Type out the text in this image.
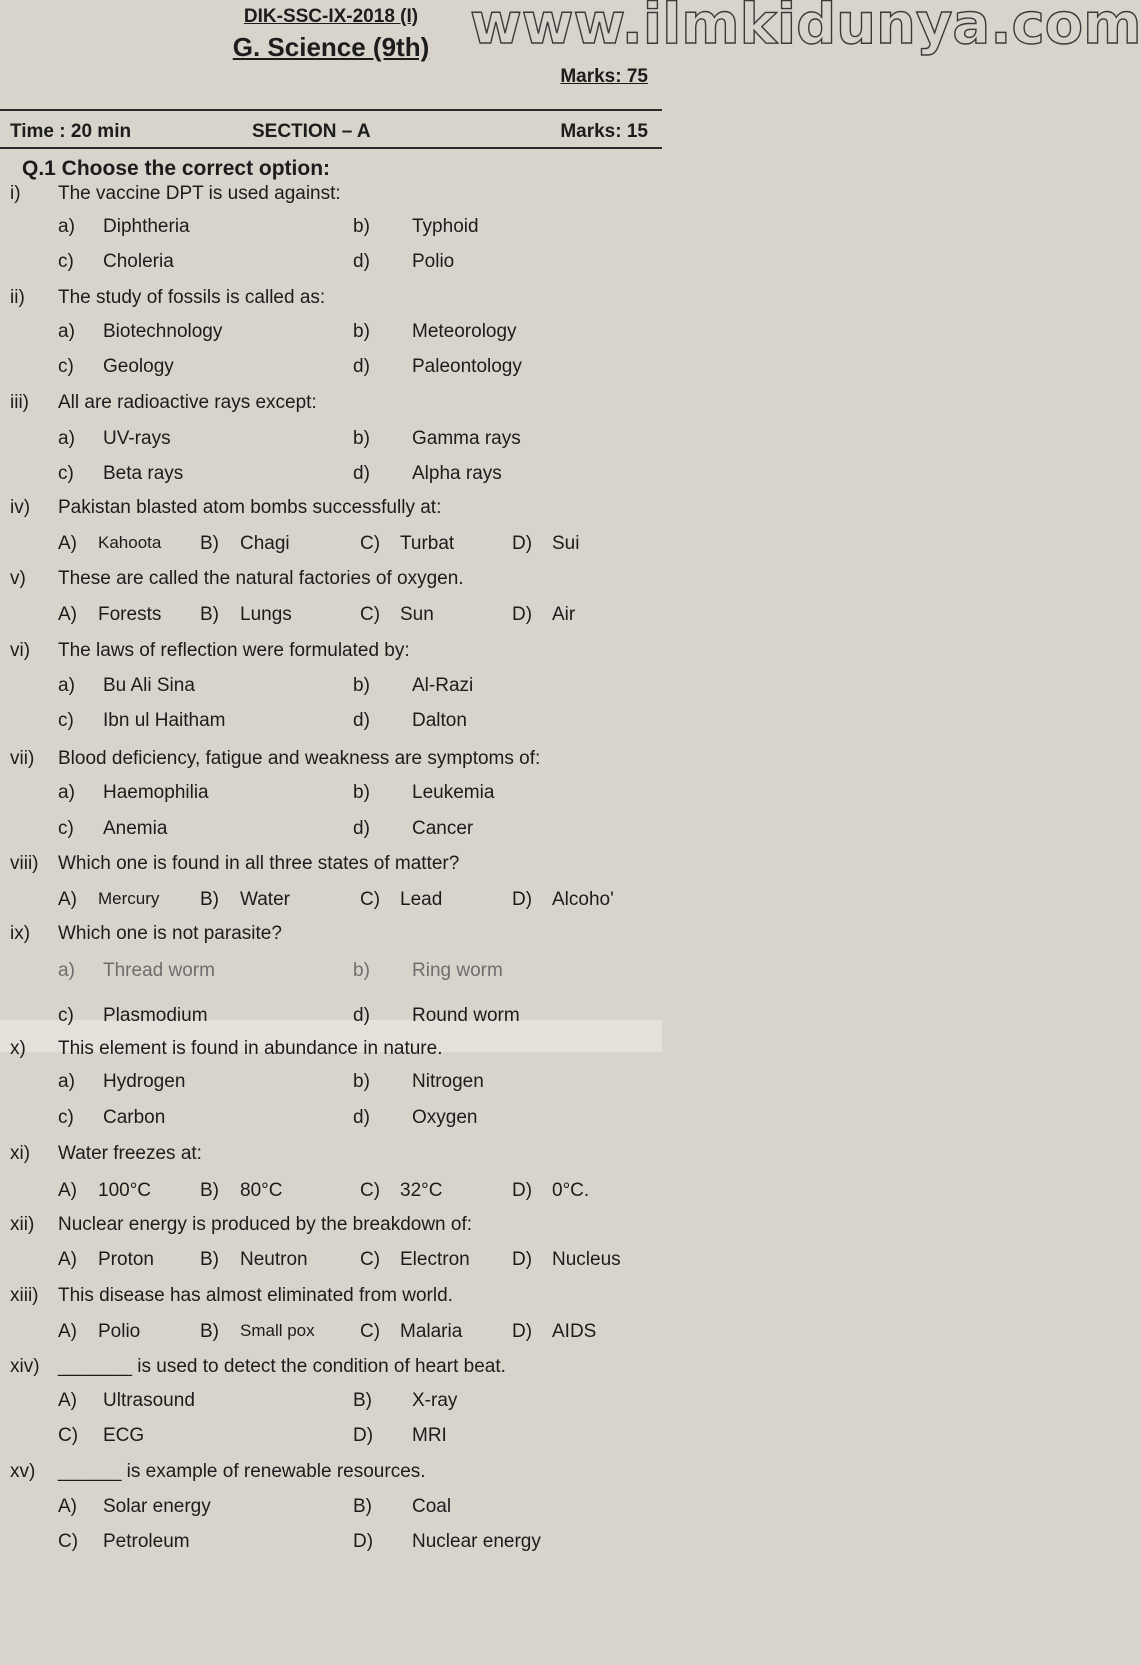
DIK-SSC-IX-2018 (I)
G. Science (9th)
Marks: 75
Time : 20 min	SECTION – A	Marks: 15
Q.1 Choose the correct option:
i) The vaccine DPT is used against:
a) Diphtheria	b) Typhoid
c) Choleria	d) Polio
ii) The study of fossils is called as:
a) Biotechnology	b) Meteorology
c) Geology	d) Paleontology
iii) All are radioactive rays except:
a) UV-rays	b) Gamma rays
c) Beta rays	d) Alpha rays
iv) Pakistan blasted atom bombs successfully at:
A) Kahoota B) Chagi	C) Turbat	D) Sui
v) These are called the natural factories of oxygen.
A) Forests B) Lungs	C) Sun	D) Air
vi) The laws of reflection were formulated by:
a) Bu Ali Sina	b) Al-Razi
c) Ibn ul Haitham	d) Dalton
vii) Blood deficiency, fatigue and weakness are symptoms of:
a) Haemophilia	b) Leukemia
c) Anemia	d) Cancer
viii) Which one is found in all three states of matter?
A) Mercury B) Water	C) Lead	D) Alcoho'
ix) Which one is not parasite?
a) Thread worm	b) Ring worm
c) Plasmodium	d) Round worm
x) This element is found in abundance in nature.
a) Hydrogen	b) Nitrogen
c) Carbon	d) Oxygen
xi) Water freezes at:
A) 100°C	B) 80°C	C) 32°C	D) 0°C.
xii) Nuclear energy is produced by the breakdown of:
A) Proton B) Neutron	C) Electron D) Nucleus
xiii) This disease has almost eliminated from world.
A) Polio	B) Small pox C) Malaria	D) AIDS
xiv) _______ is used to detect the condition of heart beat.
A) Ultrasound	B) X-ray
C) ECG	D) MRI
xv) ______ is example of renewable resources.
A) Solar energy	B) Coal
C) Petroleum	D) Nuclear energy
www.ilmkidunya.com
